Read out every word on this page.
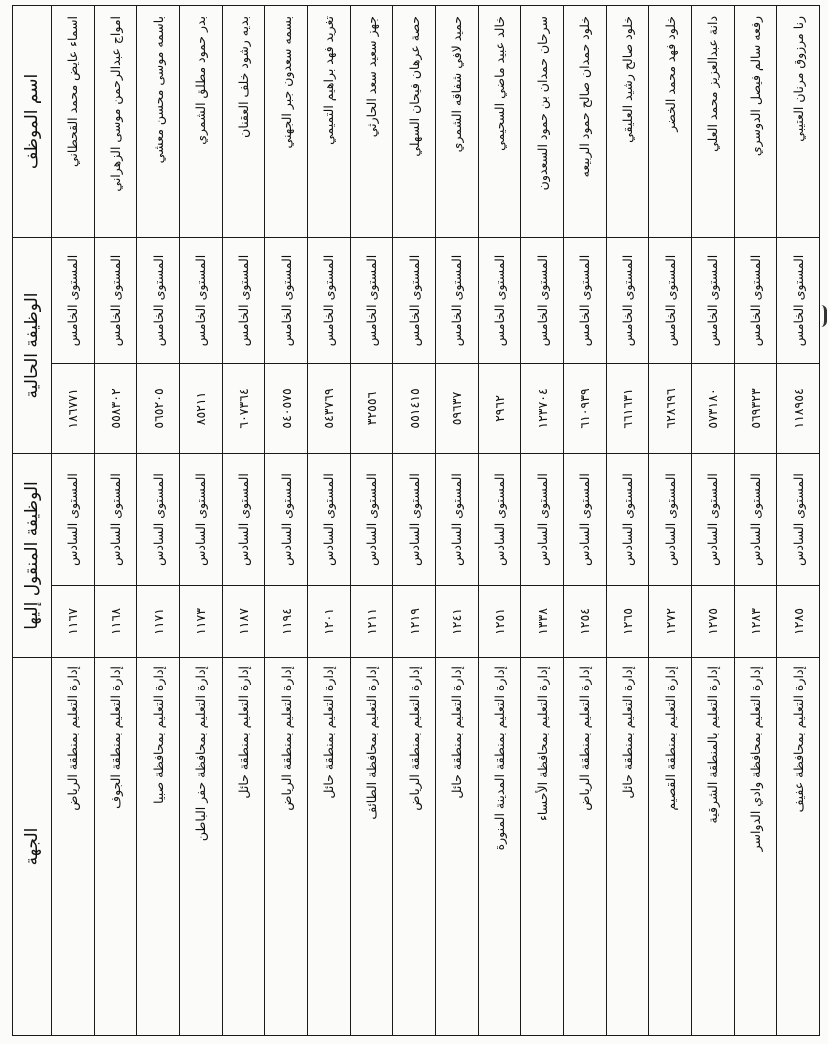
اسم الموظف	الوظيفة الحالية		الوظيفة المنقول إليها		الجهة
اسماء عايض محمد القحطاني	المستوى الخامس	١٨٦٧٧١	المستوى السادس	١١٦٧	إدارة التعليم بمنطقة الرياض
امواج عبدالرحمن موسى الزهراني	المستوى الخامس	٥٥٨٣٠٢	المستوى السادس	١١٦٨	إدارة التعليم بمنطقة الجوف
باسمه موسى محسن معشي	المستوى الخامس	٥٦٥٢٠٥	المستوى السادس	١١٧١	إدارة التعليم بمحافظة صبيا
بدر حمود مطلق الشمري	المستوى الخامس	٨٥٢١١	المستوى السادس	١١٧٣	إدارة التعليم بمحافظة حفر الباطن
بديه رشود خلف العقنان	المستوى الخامس	٦٠٧٣٦٤	المستوى السادس	١١٨٧	إدارة التعليم بمنطقة حائل
بسمه سعدون جبر الجهني	المستوى الخامس	٥٤٠٥٧٥	المستوى السادس	١١٩٤	إدارة التعليم بمنطقة الرياض
تغريد فهد براهيم التميمي	المستوى الخامس	٥٤٣٧٦٩	المستوى السادس	١٢٠١	إدارة التعليم بمنطقة حائل
جهز سعيد سعد الحارثي	المستوى الخامس	٣٢٥٥٦	المستوى السادس	١٢١١	إدارة التعليم بمحافظة الطائف
حصة عرهان فيحان السهلي	المستوى الخامس	٥٥١٤١٥	المستوى السادس	١٢١٩	إدارة التعليم بمنطقة الرياض
حميد لافي شفاقه الشمري	المستوى الخامس	٥٩٦٣٧	المستوى السادس	١٢٤١	إدارة التعليم بمنطقة حائل
خالد عبيد ماضي السحيمي	المستوى الخامس	٢٩٦٢	المستوى السادس	١٢٥١	إدارة التعليم بمنطقة المدينة المنورة
سرحان حمدان بن حمود السعدون	المستوى الخامس	١٢٣٧٠٤	المستوى السادس	١٣٣٨	إدارة التعليم بمحافظة الأحساء
خلود حمدان صالح حمود الربيعه	المستوى الخامس	٦١٠٩٣٩	المستوى السادس	١٢٥٤	إدارة التعليم بمنطقة الرياض
خلود صالح رشيد العليقي	المستوى الخامس	٦٦١٦٣١	المستوى السادس	١٢٦٥	إدارة التعليم بمنطقة حائل
خلود فهد محمد الخضر	المستوى الخامس	٦٢٨٦٩٦	المستوى السادس	١٢٧٢	إدارة التعليم بمنطقة القصيم
دانة عبدالعزيز محمد العلي	المستوى الخامس	٥٧٣١٨٠	المستوى السادس	١٢٧٥	إدارة التعليم بالمنطقة الشرقية
رفعه سالم فيصل الدوسري	المستوى الخامس	٥٦٩٣٢٣	المستوى السادس	١٢٨٣	إدارة التعليم بمحافظة وادي الدواسر
رنا مرزوق مرنان العتيبي	المستوى الخامس	١١٨٩٥٤	المستوى السادس	١٢٨٥	إدارة التعليم بمحافظة عفيف
